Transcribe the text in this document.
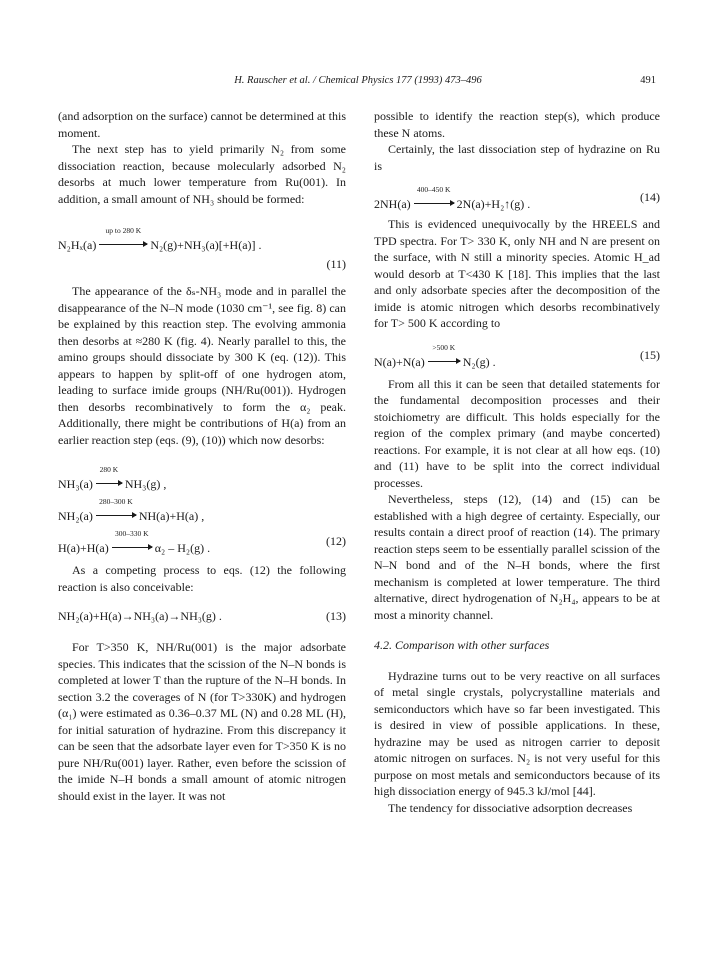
H. Rauscher et al. / Chemical Physics 177 (1993) 473–496	491

(and adsorption on the surface) cannot be determined at this moment.

The next step has to yield primarily N₂ from some dissociation reaction, because molecularly adsorbed N₂ desorbs at much lower temperature from Ru(001). In addition, a small amount of NH₃ should be formed:

N₂Hₓ(a)
up to 280 K
N₂(g)+NH₃(a)[+H(a)] .
(11)

The appearance of the δₛ-NH₃ mode and in parallel the disappearance of the N–N mode (1030 cm⁻¹, see fig. 8) can be explained by this reaction step. The evolving ammonia then desorbs at ≈280 K (fig. 4). Nearly parallel to this, the amino groups should dissociate by 300 K (eq. (12)). This appears to happen by split-off of one hydrogen atom, leading to surface imide groups (NH/Ru(001)). Hydrogen then desorbs recombinatively to form the α₂ peak. Additionally, there might be contributions of H(a) from an earlier reaction step (eqs. (9), (10)) which now desorbs:

NH₃(a)
280 K
NH₃(g) ,
NH₂(a)
280–300 K
NH(a)+H(a) ,
H(a)+H(a)
300–330 K
α₂ – H₂(g) .	(12)

As a competing process to eqs. (12) the following reaction is also conceivable:

NH₂(a)+H(a)→NH₃(a)→NH₃(g) .	(13)

For T>350 K, NH/Ru(001) is the major adsorbate species. This indicates that the scission of the N–N bonds is completed at lower T than the rupture of the N–H bonds. In section 3.2 the coverages of N (for T>330K) and hydrogen (α₁) were estimated as 0.36–0.37 ML (N) and 0.28 ML (H), for initial saturation of hydrazine. From this discrepancy it can be seen that the adsorbate layer even for T>350 K is no pure NH/Ru(001) layer. Rather, even before the scission of the imide N–H bonds a small amount of atomic nitrogen should exist in the layer. It was not

possible to identify the reaction step(s), which produce these N atoms.

Certainly, the last dissociation step of hydrazine on Ru is

2NH(a)
400–450 K
2N(a)+H₂↑(g) .	(14)

This is evidenced unequivocally by the HREELS and TPD spectra. For T> 330 K, only NH and N are present on the surface, with N still a minority species. Atomic H_ad would desorb at T<430 K [18]. This implies that the last and only adsorbate species after the decomposition of the imide is atomic nitrogen which desorbs recombinatively for T> 500 K according to

N(a)+N(a)
>500 K
N₂(g) .	(15)

From all this it can be seen that detailed statements for the fundamental decomposition processes and their stoichiometry are difficult. This holds especially for the region of the complex primary (and maybe concerted) reactions. For example, it is not clear at all how eqs. (10) and (11) have to be split into the correct individual processes.

Nevertheless, steps (12), (14) and (15) can be established with a high degree of certainty. Especially, our results contain a direct proof of reaction (14). The primary reaction steps seem to be essentially parallel scission of the N–N bond and of the N–H bonds, where the first mechanism is completed at lower temperature. The third alternative, direct hydrogenation of N₂H₄, appears to be at most a minority channel.

4.2. Comparison with other surfaces

Hydrazine turns out to be very reactive on all surfaces of metal single crystals, polycrystalline materials and semiconductors which have so far been investigated. This is desired in view of possible applications. In these, hydrazine may be used as nitrogen carrier to deposit atomic nitrogen on surfaces. N₂ is not very useful for this purpose on most metals and semiconductors because of its high dissociation energy of 945.3 kJ/mol [44].

The tendency for dissociative adsorption decreases
